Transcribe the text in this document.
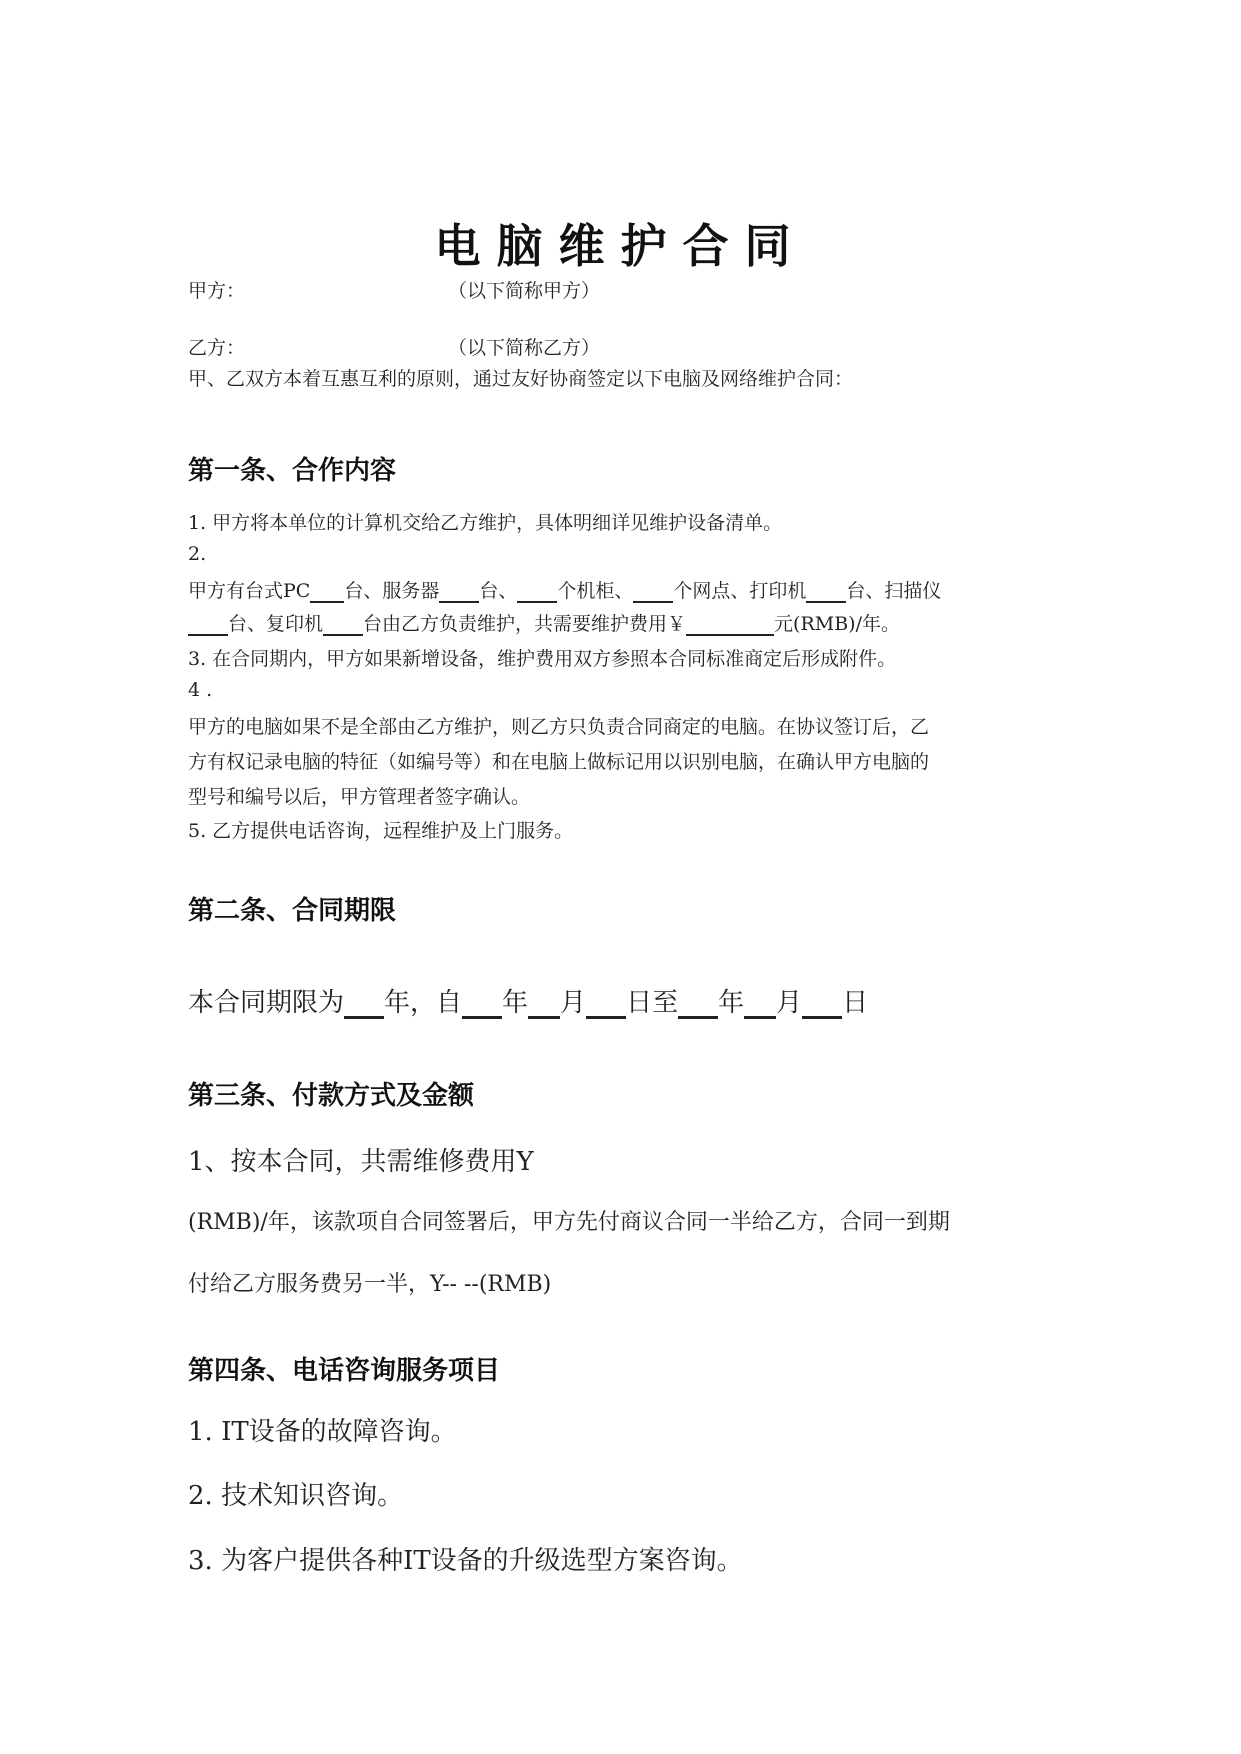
电脑维护合同
甲方：	（以下简称甲方）
乙方：	（以下简称乙方）
甲、乙双方本着互惠互利的原则，通过友好协商签定以下电脑及网络维护合同：
第一条、合作内容
1. 甲方将本单位的计算机交给乙方维护，具体明细详见维护设备清单。
2.
甲方有台式PC 台、服务器 台、 个机柜、 个网点、打印机 台、扫描仪
台、复印机 台由乙方负责维护，共需要维护费用￥	元(RMB)/年。
3. 在合同期内，甲方如果新增设备，维护费用双方参照本合同标准商定后形成附件。
4 .
甲方的电脑如果不是全部由乙方维护，则乙方只负责合同商定的电脑。在协议签订后，乙
方有权记录电脑的特征（如编号等）和在电脑上做标记用以识别电脑，在确认甲方电脑的
型号和编号以后，甲方管理者签字确认。
5. 乙方提供电话咨询，远程维护及上门服务。
第二条、合同期限
本合同期限为 年，自 年 月 日至 年 月 日
第三条、付款方式及金额
1、按本合同，共需维修费用Y
(RMB)/年，该款项自合同签署后，甲方先付商议合同一半给乙方，合同一到期
付给乙方服务费另一半，Y-- --(RMB)
第四条、电话咨询服务项目
1. IT设备的故障咨询。
2. 技术知识咨询。
3. 为客户提供各种IT设备的升级选型方案咨询。
